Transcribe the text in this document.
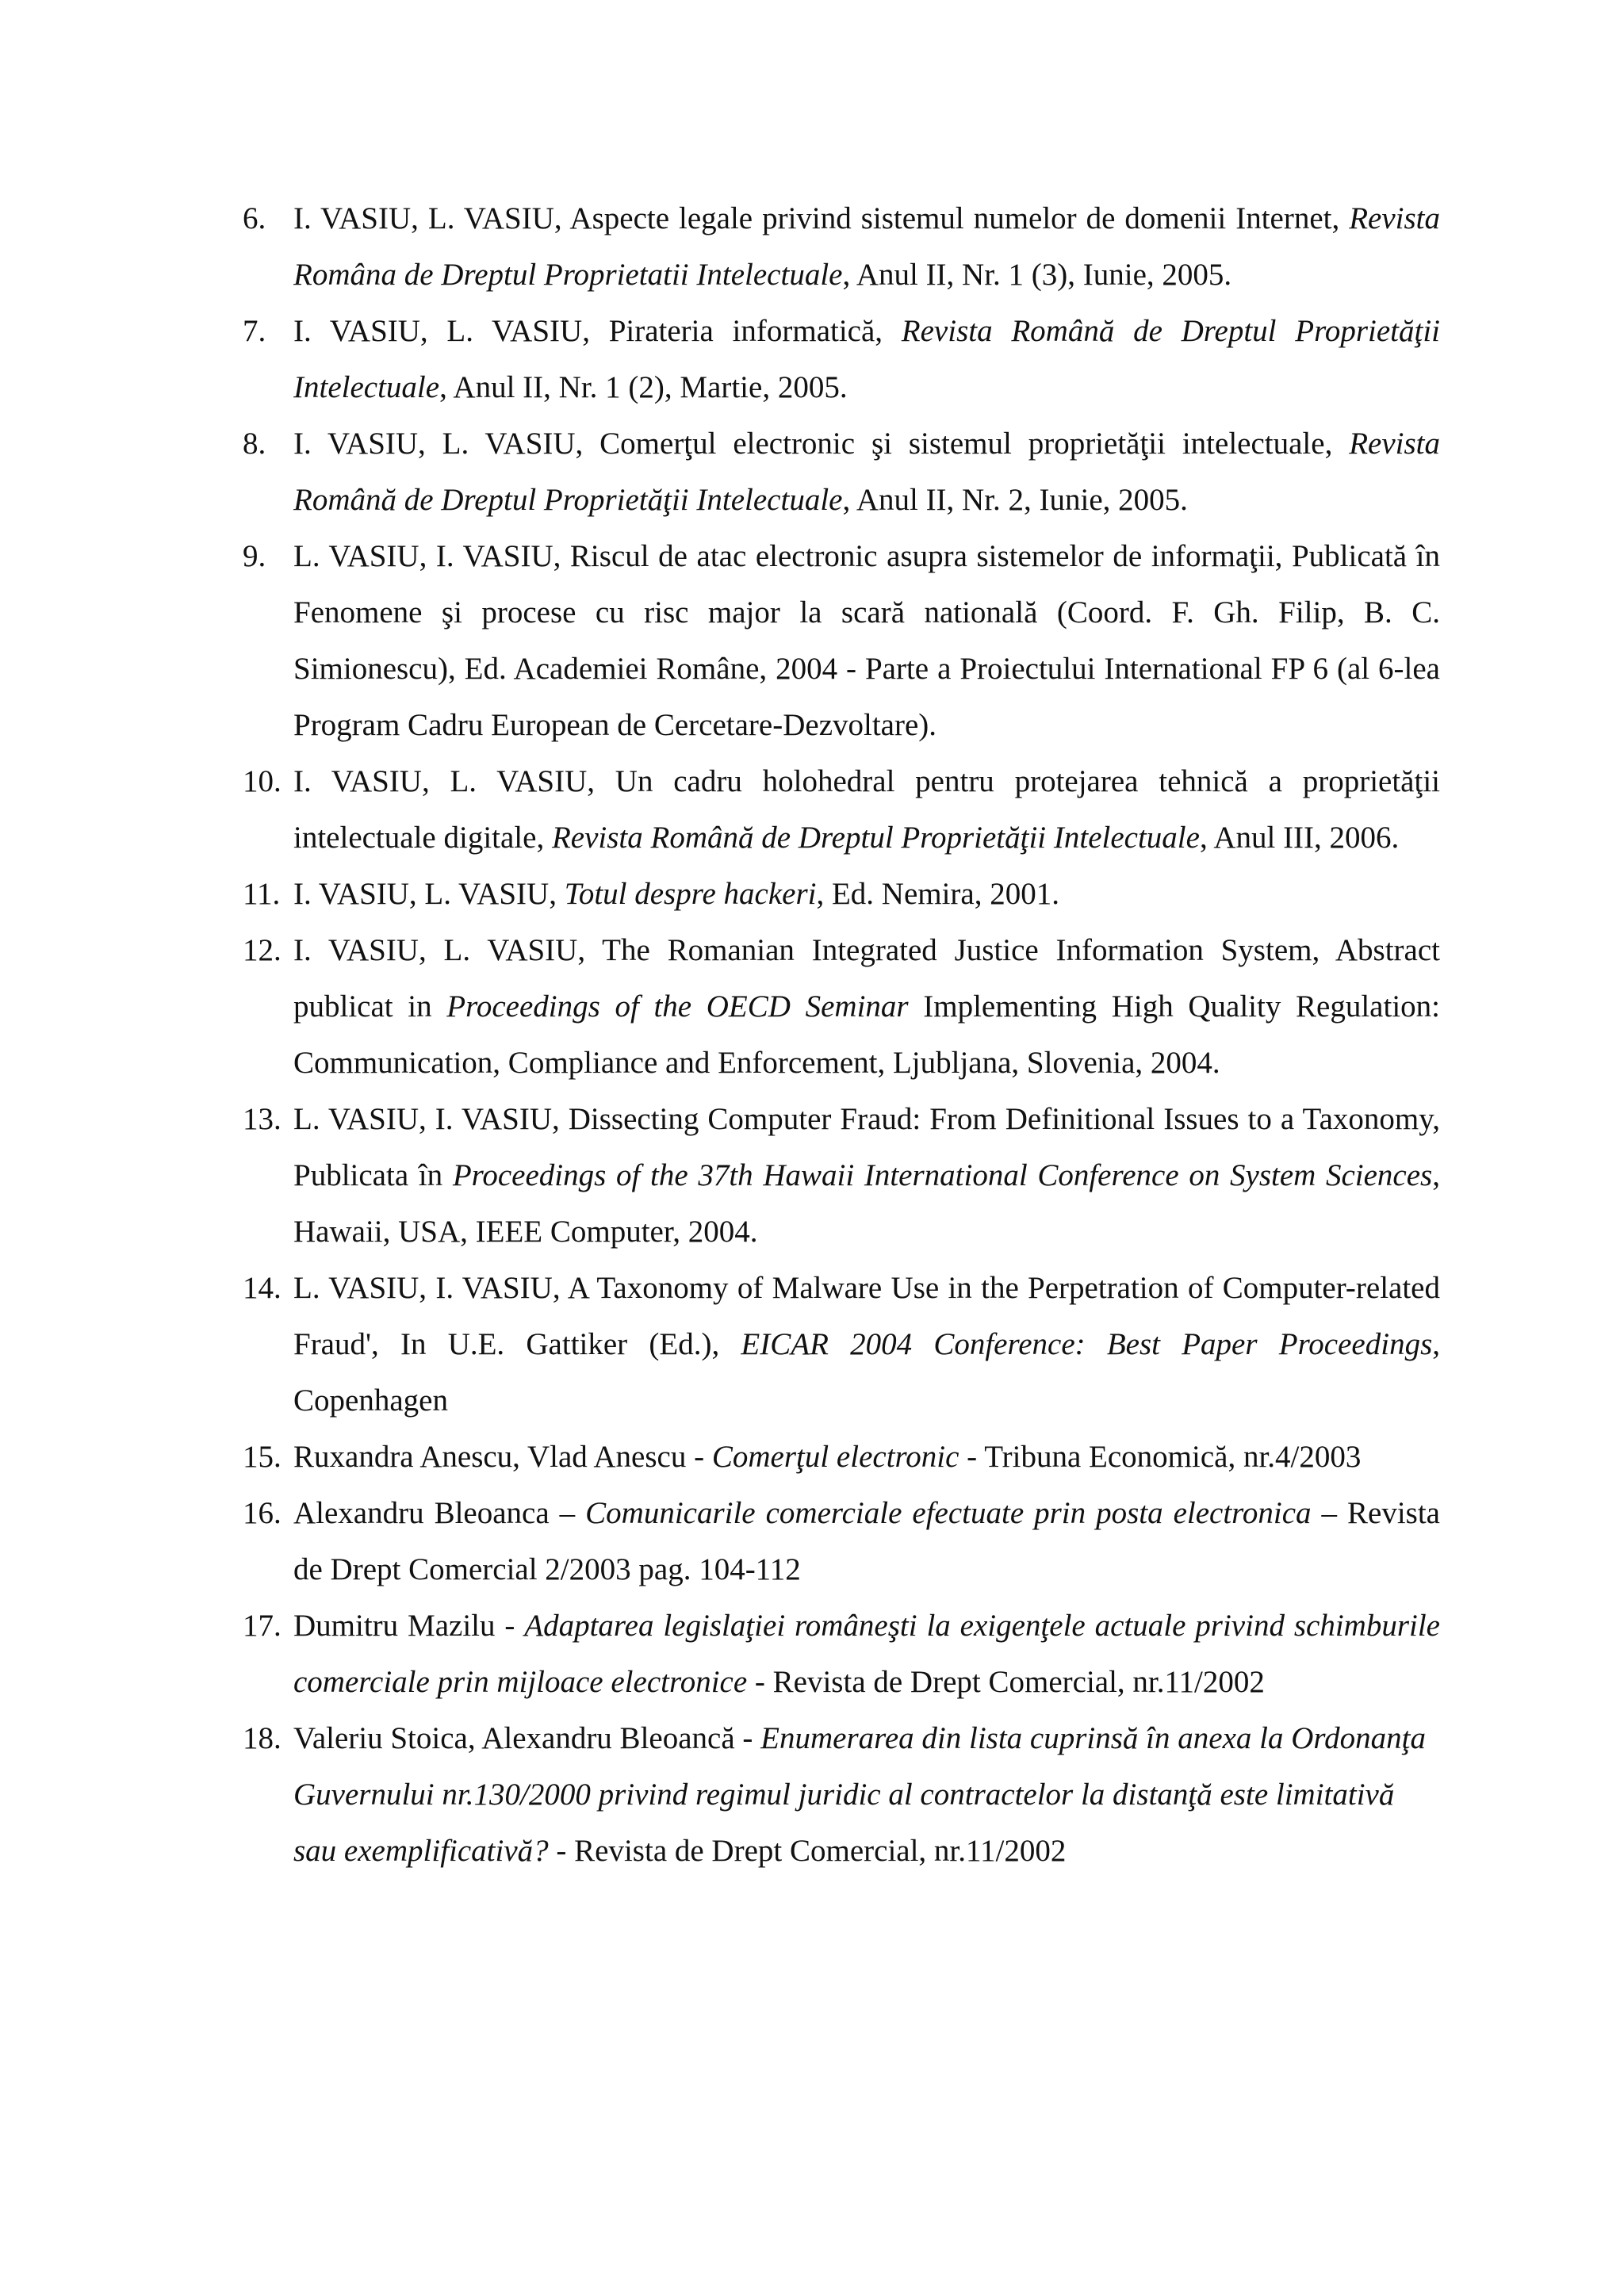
6. I. VASIU, L. VASIU, Aspecte legale privind sistemul numelor de domenii Internet, Revista Româna de Dreptul Proprietatii Intelectuale, Anul II, Nr. 1 (3), Iunie, 2005.
7. I. VASIU, L. VASIU, Pirateria informatică, Revista Română de Dreptul Proprietăţii Intelectuale, Anul II, Nr. 1 (2), Martie, 2005.
8. I. VASIU, L. VASIU, Comerţul electronic şi sistemul proprietăţii intelectuale, Revista Română de Dreptul Proprietăţii Intelectuale, Anul II, Nr. 2, Iunie, 2005.
9. L. VASIU, I. VASIU, Riscul de atac electronic asupra sistemelor de informaţii, Publicată în Fenomene şi procese cu risc major la scară natională (Coord. F. Gh. Filip, B. C. Simionescu), Ed. Academiei Române, 2004 - Parte a Proiectului International FP 6 (al 6-lea Program Cadru European de Cercetare-Dezvoltare).
10. I. VASIU, L. VASIU, Un cadru holohedral pentru protejarea tehnică a proprietăţii intelectuale digitale, Revista Română de Dreptul Proprietăţii Intelectuale, Anul III, 2006.
11. I. VASIU, L. VASIU, Totul despre hackeri, Ed. Nemira, 2001.
12. I. VASIU, L. VASIU, The Romanian Integrated Justice Information System, Abstract publicat in Proceedings of the OECD Seminar Implementing High Quality Regulation: Communication, Compliance and Enforcement, Ljubljana, Slovenia, 2004.
13. L. VASIU, I. VASIU, Dissecting Computer Fraud: From Definitional Issues to a Taxonomy, Publicata în Proceedings of the 37th Hawaii International Conference on System Sciences, Hawaii, USA, IEEE Computer, 2004.
14. L. VASIU, I. VASIU, A Taxonomy of Malware Use in the Perpetration of Computer-related Fraud', In U.E. Gattiker (Ed.), EICAR 2004 Conference: Best Paper Proceedings, Copenhagen
15. Ruxandra Anescu, Vlad Anescu - Comerţul electronic - Tribuna Economică, nr.4/2003
16. Alexandru Bleoanca – Comunicarile comerciale efectuate prin posta electronica – Revista de Drept Comercial 2/2003 pag. 104-112
17. Dumitru Mazilu - Adaptarea legislaţiei româneşti la exigenţele actuale privind schimburile comerciale prin mijloace electronice - Revista de Drept Comercial, nr.11/2002
18. Valeriu Stoica, Alexandru Bleoancă - Enumerarea din lista cuprinsă în anexa la Ordonanţa Guvernului nr.130/2000 privind regimul juridic al contractelor la distanţă este limitativă sau exemplificativă? - Revista de Drept Comercial, nr.11/2002
